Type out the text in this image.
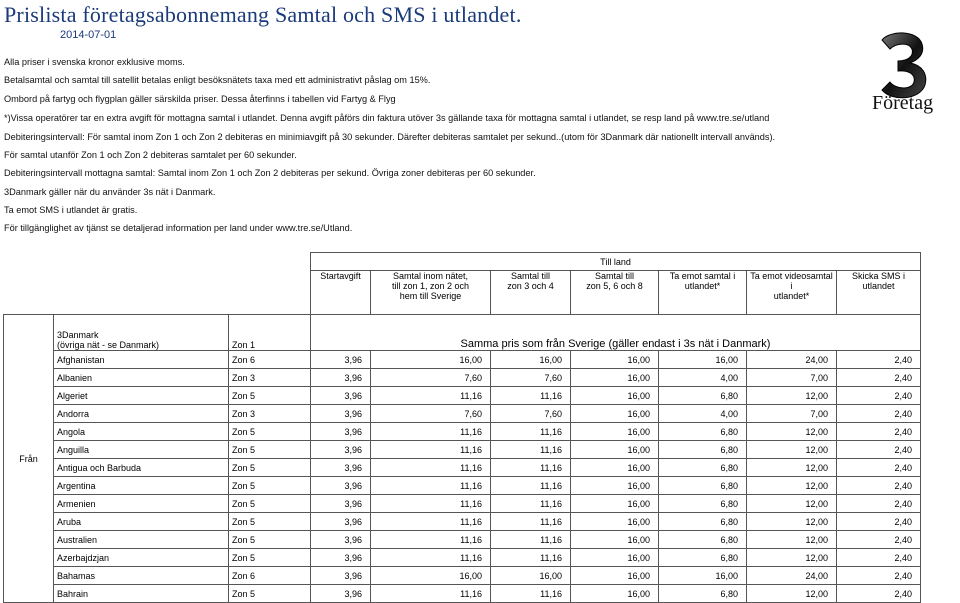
Prislista företagsabonnemang Samtal och SMS i utlandet.
2014-07-01
Alla priser i svenska kronor exklusive moms.
Betalsamtal och samtal till satellit betalas enligt besöksnätets taxa med ett administrativt påslag om 15%.
Ombord på fartyg och flygplan gäller särskilda priser. Dessa återfinns i tabellen vid Fartyg & Flyg
*)Vissa operatörer tar en extra avgift för mottagna samtal i utlandet. Denna avgift påförs din faktura utöver 3s gällande taxa för mottagna samtal i utlandet, se resp land på www.tre.se/utland
Debiteringsintervall: För samtal inom Zon 1 och Zon 2 debiteras en minimiavgift på 30 sekunder. Därefter debiteras samtalet per sekund..(utom för 3Danmark där nationellt intervall används).
För samtal utanför Zon 1 och Zon 2 debiteras samtalet per 60 sekunder.
Debiteringsintervall mottagna samtal: Samtal inom Zon 1 och Zon 2 debiteras per sekund. Övriga zoner debiteras per 60 sekunder.
3Danmark gäller när du använder 3s nät i Danmark.
Ta emot SMS i utlandet är gratis.
För tillgänglighet av tjänst se detaljerad information per land under www.tre.se/Utland.
Företag
			Till land						
			Startavgift	Samtal inom nätet,
till zon 1, zon 2 och
hem till Sverige	Samtal till
zon 3 och 4	Samtal till
zon 5, 6 och 8	Ta emot samtal i
utlandet*	Ta emot videosamtal i
utlandet*	Skicka SMS i utlandet
Från	3Danmark
(övriga nät - se Danmark)	Zon 1	Samma pris som från Sverige (gäller endast i 3s nät i Danmark)						
	Afghanistan	Zon 6	3,96	16,00	16,00	16,00	16,00	24,00	2,40
	Albanien	Zon 3	3,96	7,60	7,60	16,00	4,00	7,00	2,40
	Algeriet	Zon 5	3,96	11,16	11,16	16,00	6,80	12,00	2,40
	Andorra	Zon 3	3,96	7,60	7,60	16,00	4,00	7,00	2,40
	Angola	Zon 5	3,96	11,16	11,16	16,00	6,80	12,00	2,40
	Anguilla	Zon 5	3,96	11,16	11,16	16,00	6,80	12,00	2,40
	Antigua och Barbuda	Zon 5	3,96	11,16	11,16	16,00	6,80	12,00	2,40
	Argentina	Zon 5	3,96	11,16	11,16	16,00	6,80	12,00	2,40
	Armenien	Zon 5	3,96	11,16	11,16	16,00	6,80	12,00	2,40
	Aruba	Zon 5	3,96	11,16	11,16	16,00	6,80	12,00	2,40
	Australien	Zon 5	3,96	11,16	11,16	16,00	6,80	12,00	2,40
	Azerbajdzjan	Zon 5	3,96	11,16	11,16	16,00	6,80	12,00	2,40
	Bahamas	Zon 6	3,96	16,00	16,00	16,00	16,00	24,00	2,40
	Bahrain	Zon 5	3,96	11,16	11,16	16,00	6,80	12,00	2,40
